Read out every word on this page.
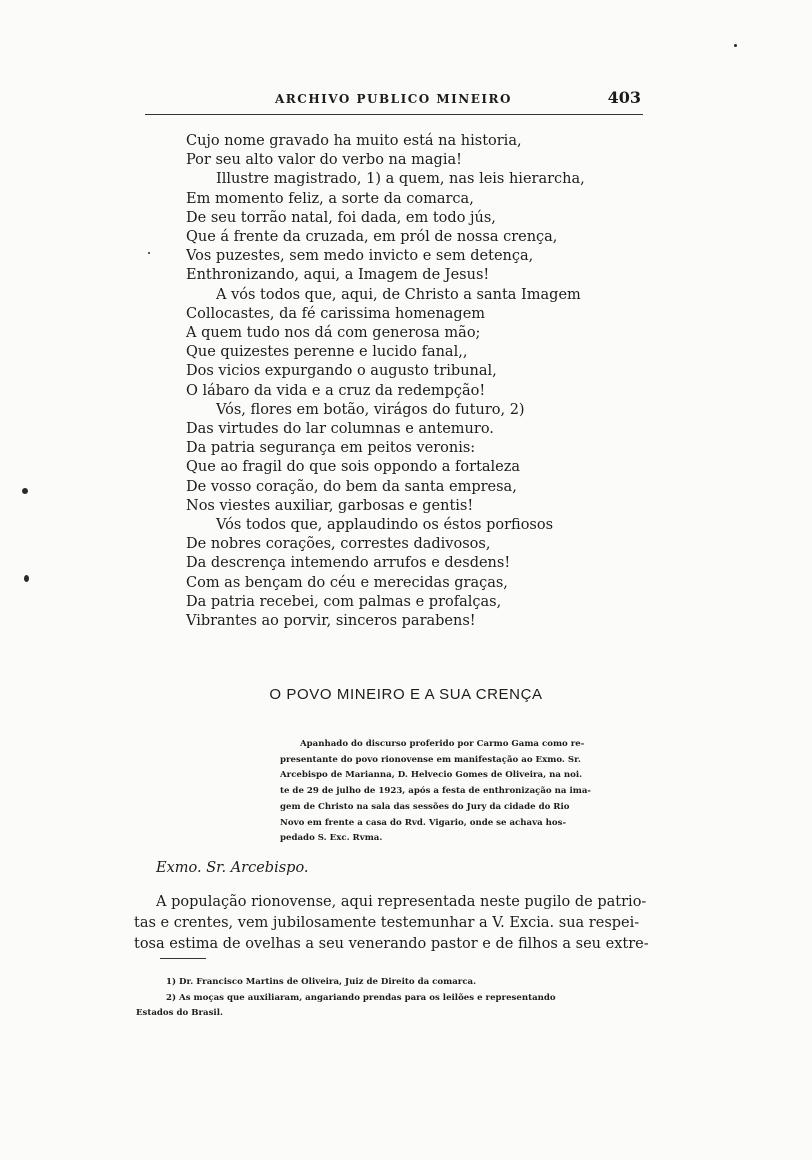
ARCHIVO PUBLICO MINEIRO	403
Cujo nome gravado ha muito está na historia,
Por seu alto valor do verbo na magia!
Illustre magistrado, 1) a quem, nas leis hierarcha,
Em momento feliz, a sorte da comarca,
De seu torrão natal, foi dada, em todo jús,
Que á frente da cruzada, em pról de nossa crença,
Vos puzestes, sem medo invicto e sem detença,
Enthronizando, aqui, a Imagem de Jesus!
A vós todos que, aqui, de Christo a santa Imagem
Collocastes, da fé carissima homenagem
A quem tudo nos dá com generosa mão;
Que quizestes perenne e lucido fanal,,
Dos vicios expurgando o augusto tribunal,
O lábaro da vida e a cruz da redempção!
Vós, flores em botão, virágos do futuro, 2)
Das virtudes do lar columnas e antemuro.
Da patria segurança em peitos veronis:
Que ao fragil do que sois oppondo a fortaleza
De vosso coração, do bem da santa empresa,
Nos viestes auxiliar, garbosas e gentis!
Vós todos que, applaudindo os éstos porfiosos
De nobres corações, correstes dadivosos,
Da descrença intemendo arrufos e desdens!
Com as bençam do céu e merecidas graças,
Da patria recebei, com palmas e profalças,
Vibrantes ao porvir, sinceros parabens!
O POVO MINEIRO E A SUA CRENÇA
Apanhado do discurso proferido por Carmo Gama como re-
presentante do povo rionovense em manifestação ao Exmo. Sr.
Arcebispo de Marianna, D. Helvecio Gomes de Oliveira, na noi.
te de 29 de julho de 1923, após a festa de enthronização na ima-
gem de Christo na sala das sessões do Jury da cidade do Rio
Novo em frente a casa do Rvd. Vigario, onde se achava hos-
pedado S. Exc. Rvma.
Exmo. Sr. Arcebispo.
A população rionovense, aqui representada neste pugilo de patrio-
tas e crentes, vem jubilosamente testemunhar a V. Excia. sua respei-
tosa estima de ovelhas a seu venerando pastor e de filhos a seu extre-
1) Dr. Francisco Martins de Oliveira, Juiz de Direito da comarca.
2) As moças que auxiliaram, angariando prendas para os leilões e representando
Estados do Brasil.
